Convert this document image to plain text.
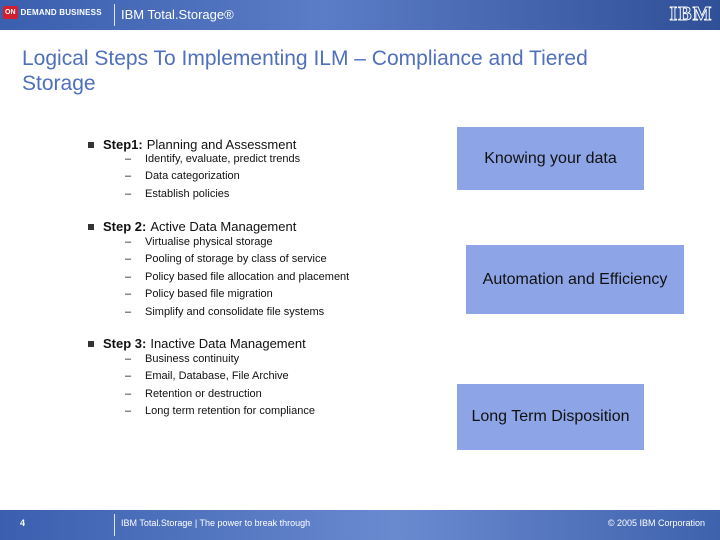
ON DEMAND BUSINESS IBM Total.Storage®	IBM
Logical Steps To Implementing ILM – Compliance and Tiered Storage
Step1: Planning and Assessment
–	Identify, evaluate, predict trends
–	Data categorization
–	Establish policies
Step 2: Active Data Management
–	Virtualise physical storage
–	Pooling of storage by class of service
–	Policy based file allocation and placement
–	Policy based file migration
–	Simplify and consolidate file systems
Step 3: Inactive Data Management
–	Business continuity
–	Email, Database, File Archive
–	Retention or destruction
–	Long term retention for compliance
Knowing your data
Automation and Efficiency
Long Term Disposition
4	IBM Total.Storage | The power to break through	© 2005 IBM Corporation
